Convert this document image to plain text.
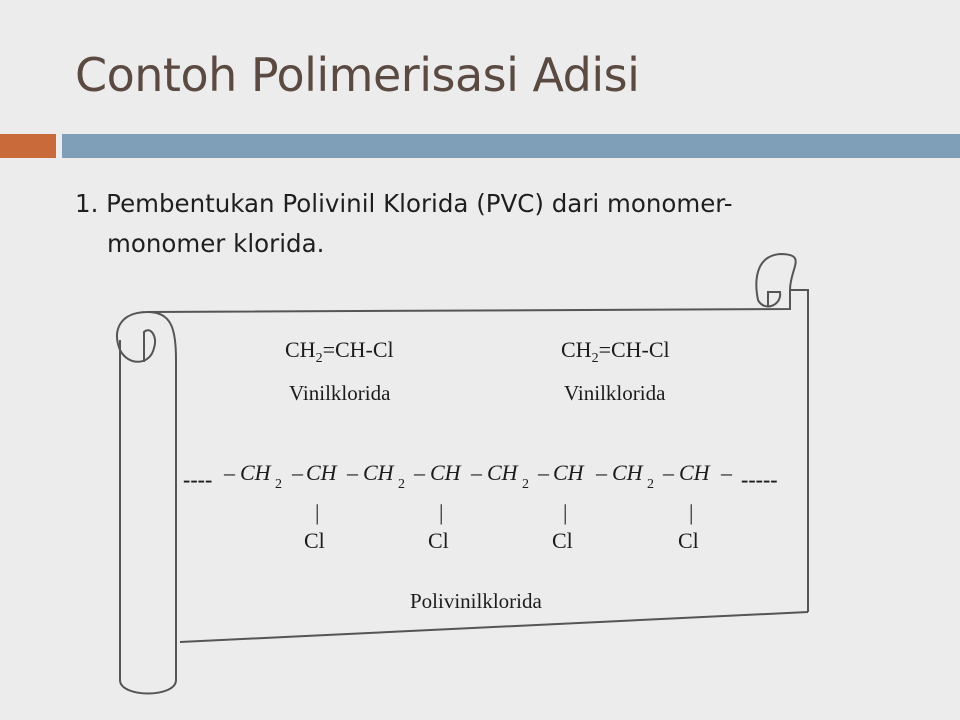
Contoh Polimerisasi Adisi
1. Pembentukan Polivinil Klorida (PVC) dari monomer-
monomer klorida.
$CH_2=CH-Cl$
Vinilklorida
$CH_2=CH-Cl$
Vinilklorida
---- – CH 2 – CH – CH 2 – CH – CH 2 – CH – CH 2 – CH –
|
Cl
|
Cl
|
Cl
|
Cl
-----
Polivinilklorida
